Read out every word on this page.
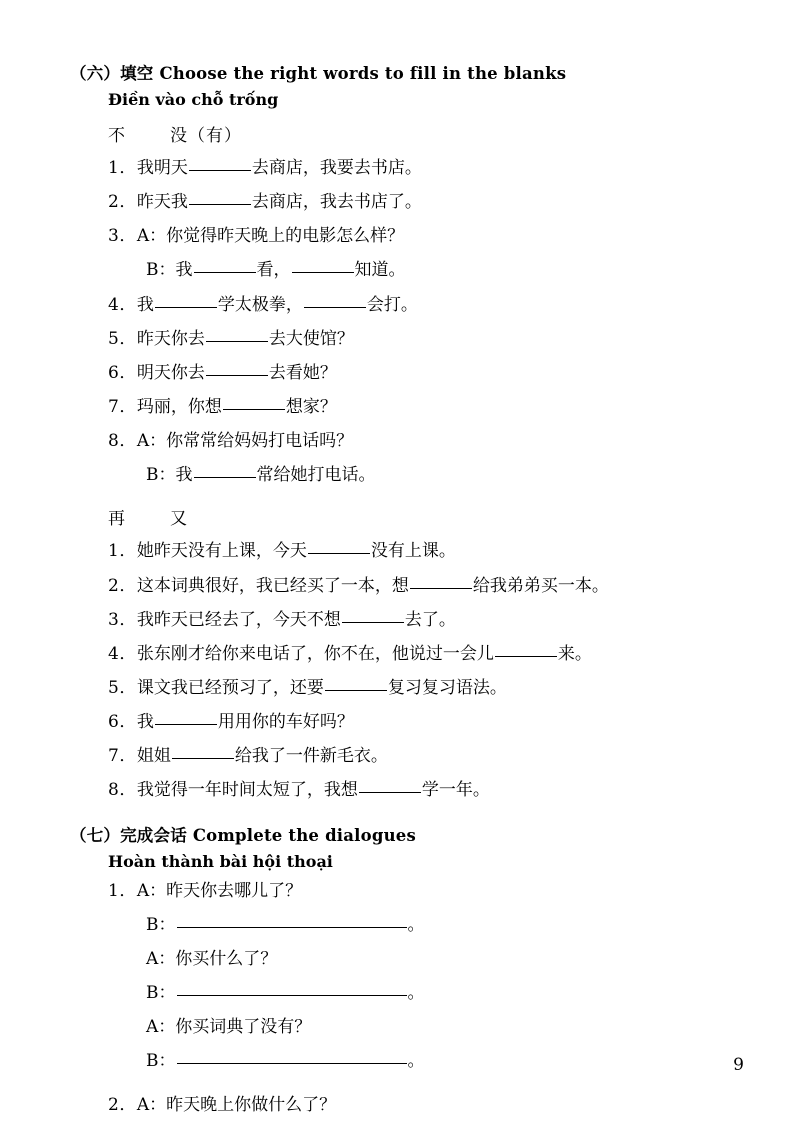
（六）填空 Choose the right words to fill in the blanks
Điền vào chỗ trống
不	没（有）
1．我明天	去商店，我要去书店。
2．昨天我	去商店，我去书店了。
3．A：你觉得昨天晚上的电影怎么样？
B：我	看，	知道。
4．我	学太极拳，	会打。
5．昨天你去	去大使馆？
6．明天你去	去看她？
7．玛丽，你想	想家？
8．A：你常常给妈妈打电话吗？
B：我	常给她打电话。
再	又
1．她昨天没有上课，今天	没有上课。
2．这本词典很好，我已经买了一本，想	给我弟弟买一本。
3．我昨天已经去了，今天不想	去了。
4．张东刚才给你来电话了，你不在，他说过一会儿	来。
5．课文我已经预习了，还要	复习复习语法。
6．我	用用你的车好吗？
7．姐姐	给我了一件新毛衣。
8．我觉得一年时间太短了，我想	学一年。
（七）完成会话 Complete the dialogues
Hoàn thành bài hội thoại
1．A：昨天你去哪儿了？
B：	。
A：你买什么了？
B：	。
A：你买词典了没有？
B：	。
2．A：昨天晚上你做什么了？
9
